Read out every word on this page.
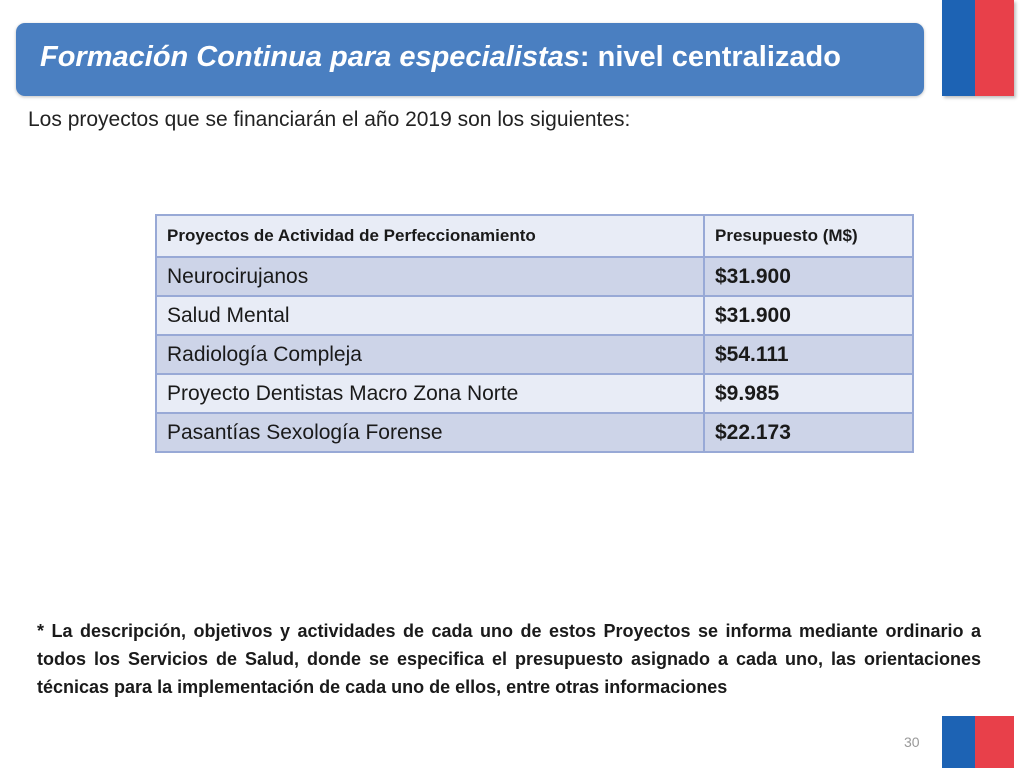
Formación Continua para especialistas: nivel centralizado
Los proyectos que se financiarán el año 2019 son los siguientes:
Proyectos de Actividad de Perfeccionamiento	Presupuesto (M$)
Neurocirujanos	$31.900
Salud Mental	$31.900
Radiología Compleja	$54.111
Proyecto Dentistas Macro Zona Norte	$9.985
Pasantías Sexología Forense	$22.173
* La descripción, objetivos y actividades de cada uno de estos Proyectos se informa mediante ordinario a todos los Servicios de Salud, donde se especifica el presupuesto asignado a cada uno, las orientaciones técnicas para la implementación de cada uno de ellos, entre otras informaciones
30
